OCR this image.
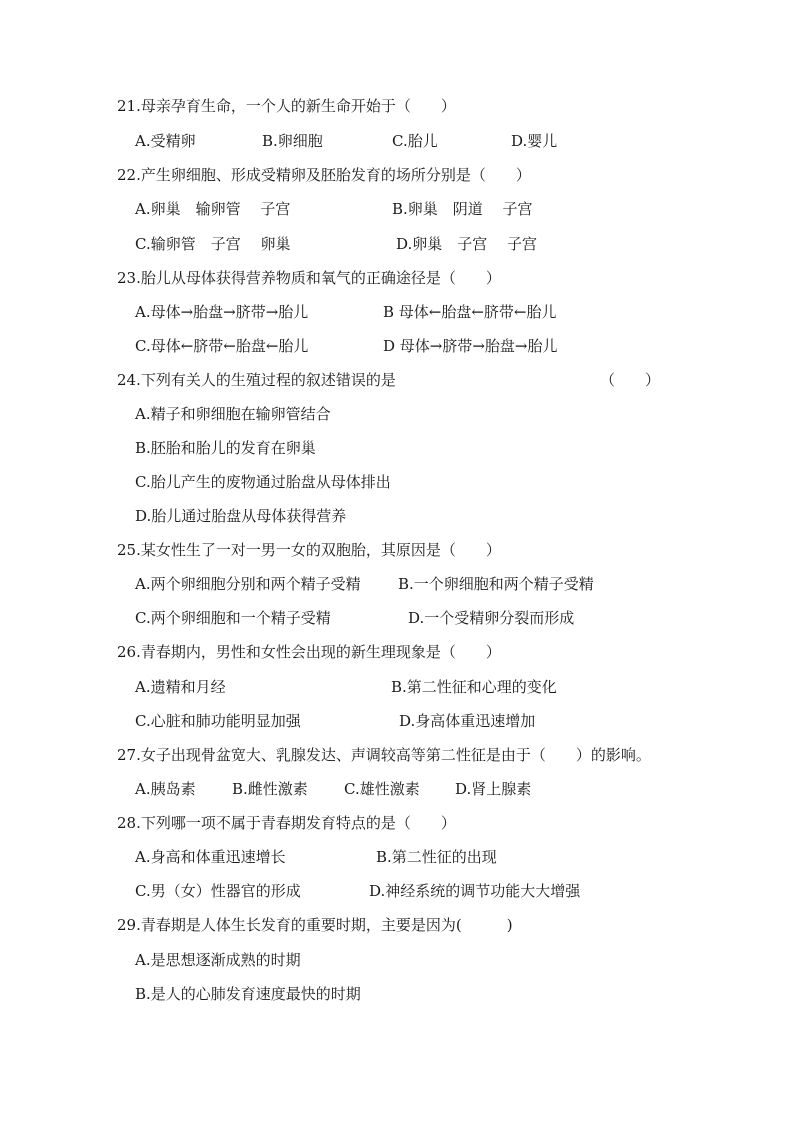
21.母亲孕育生命，一个人的新生命开始于（　　）
A.受精卵	B.卵细胞	C.胎儿	D.婴儿
22.产生卵细胞、形成受精卵及胚胎发育的场所分别是（　　）
A.卵巢　输卵管　 子宫	B.卵巢　阴道　 子宫
C.输卵管　子宫　 卵巢	D.卵巢　子宫　 子宫
23.胎儿从母体获得营养物质和氧气的正确途径是（　　）
A.母体→胎盘→脐带→胎儿	B 母体←胎盘←脐带←胎儿
C.母体←脐带←胎盘←胎儿	D 母体→脐带→胎盘→胎儿
24.下列有关人的生殖过程的叙述错误的是	（　　）
A.精子和卵细胞在输卵管结合
B.胚胎和胎儿的发育在卵巢
C.胎儿产生的废物通过胎盘从母体排出
D.胎儿通过胎盘从母体获得营养
25.某女性生了一对一男一女的双胞胎，其原因是（　　）
A.两个卵细胞分别和两个精子受精 B.一个卵细胞和两个精子受精
C.两个卵细胞和一个精子受精	D.一个受精卵分裂而形成
26.青春期内，男性和女性会出现的新生理现象是（　　）
A.遗精和月经	B.第二性征和心理的变化
C.心脏和肺功能明显加强	D.身高体重迅速增加
27.女子出现骨盆宽大、乳腺发达、声调较高等第二性征是由于（　　）的影响。
A.胰岛素 B.雌性激素 C.雄性激素 D.肾上腺素
28.下列哪一项不属于青春期发育特点的是（　　）
A.身高和体重迅速增长	B.第二性征的出现
C.男（女）性器官的形成	D.神经系统的调节功能大大增强
29.青春期是人体生长发育的重要时期，主要是因为(　　　)
A.是思想逐渐成熟的时期
B.是人的心肺发育速度最快的时期
